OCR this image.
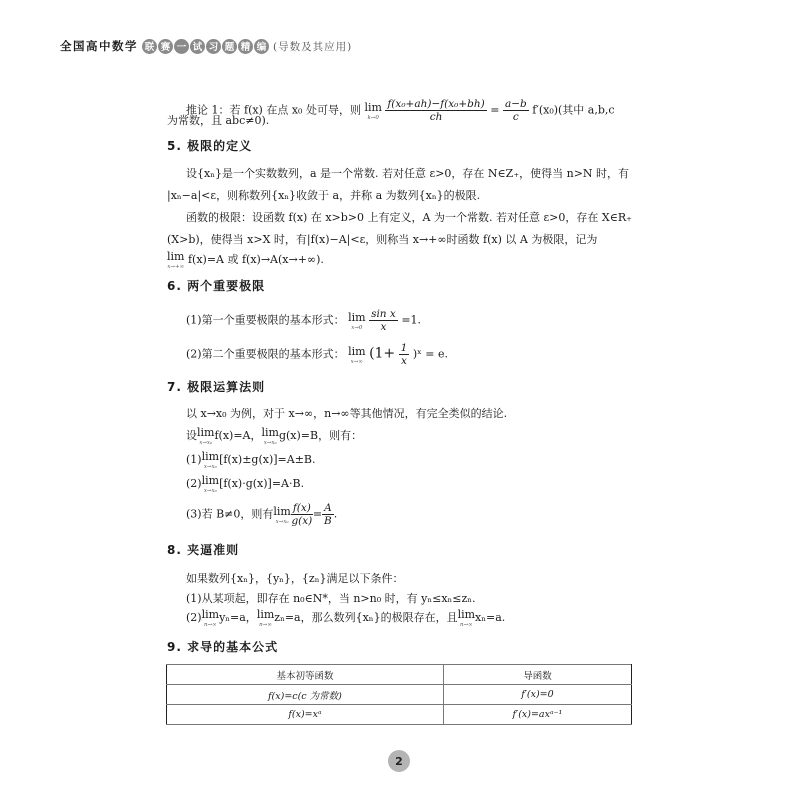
全国高中数学 联 赛 一 试 习 题 精 编 (导数及其应用)
推论 1：若 f(x) 在点 x₀ 处可导，则 lim
k→0
$\frac{\text{f(x₀+ah)−f(x₀+bh)}}{ch} = \frac{a-b}{c} f'(x_0)$(其中 a,b,c
为常数，且 abc≠0).
5. 极限的定义
设{xₙ}是一个实数数列，a 是一个常数. 若对任意 ε>0，存在 N∈Z₊，使得当 n>N 时，有
|xₙ−a|<ε，则称数列{xₙ}收敛于 a，并称 a 为数列{xₙ}的极限.
函数的极限：设函数 f(x) 在 x>b>0 上有定义，A 为一个常数. 若对任意 ε>0，存在 X∈R₊
(X>b)，使得当 x>X 时，有|f(x)−A|<ε，则称当 x→+∞时函数 f(x) 以 A 为极限，记为
lim
x→+∞
f(x)=A 或 f(x)→A(x→+∞).
6. 两个重要极限
(1)第一个重要极限的基本形式： lim
x→0
$\frac{\text{sin x}}{x} =1$.
(2)第二个重要极限的基本形式： lim
x→∞ ($1+ \frac{1}{x}$ )ˣ = e.
7. 极限运算法则
以 x→x₀ 为例，对于 x→∞，n→∞等其他情况，有完全类似的结论.
设lim
x→x₀
f(x)=A，lim
x→x₀
g(x)=B，则有：
(1)lim
x→x₀
[f(x)±g(x)]=A±B.
(2)lim
x→x₀
[f(x)·g(x)]=A·B.
(3)若 B≠0，则有lim
$x\to x_0 \frac{f(x)}{g(x)} = \frac{A}{B}$ .
8. 夹逼准则
如果数列{xₙ}，{yₙ}，{zₙ}满足以下条件：
(1)从某项起，即存在 n₀∈N*，当 n>n₀ 时，有 yₙ≤xₙ≤zₙ.
(2)lim
n→∞
yₙ=a，lim
n→∞
zₙ=a，那么数列{xₙ}的极限存在，且lim
n→∞
xₙ=a.
9. 求导的基本公式
基本初等函数	导函数
f(x)=c(c 为常数)	f′(x)=0
f(x)=xᵃ	f′(x)=axᵃ⁻¹
2
